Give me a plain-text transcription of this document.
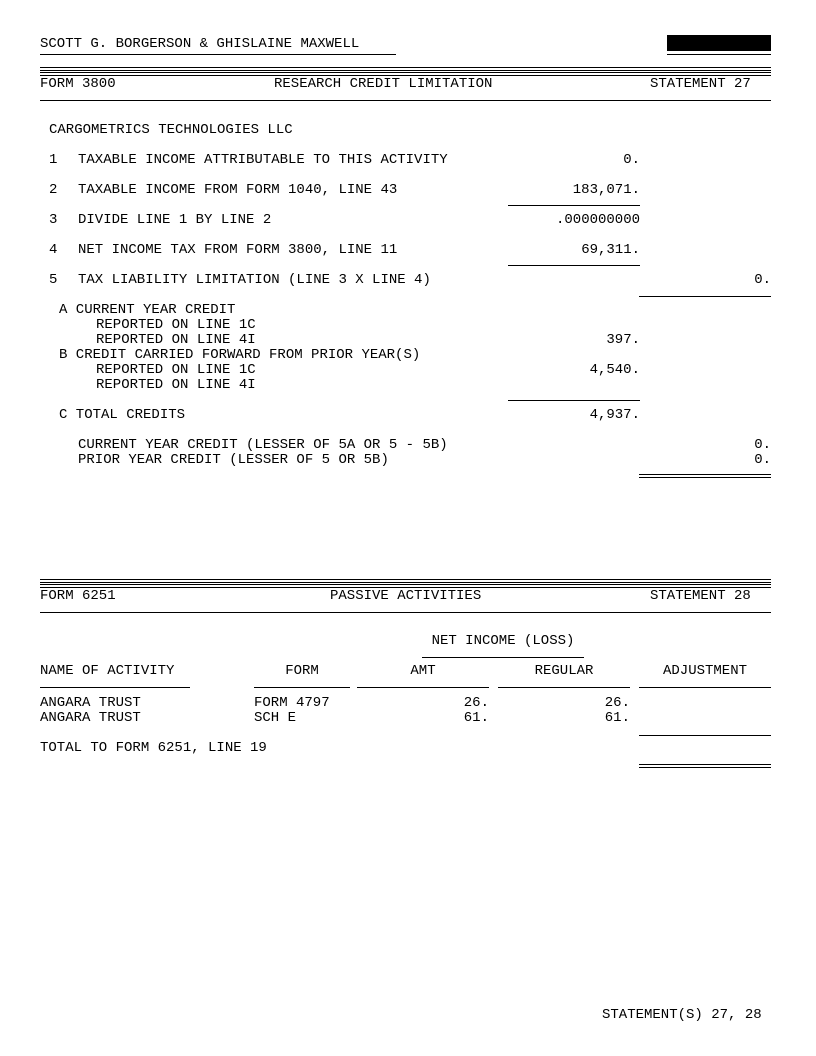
SCOTT G. BORGERSON & GHISLAINE MAXWELL
FORM 3800	RESEARCH CREDIT LIMITATION	STATEMENT 27
CARGOMETRICS TECHNOLOGIES LLC
1 TAXABLE INCOME ATTRIBUTABLE TO THIS ACTIVITY	0.
2 TAXABLE INCOME FROM FORM 1040, LINE 43	183,071.
3 DIVIDE LINE 1 BY LINE 2	.000000000
4 NET INCOME TAX FROM FORM 3800, LINE 11	69,311.
5 TAX LIABILITY LIMITATION (LINE 3 X LINE 4)	0.
A CURRENT YEAR CREDIT
REPORTED ON LINE 1C
REPORTED ON LINE 4I	397.
B CREDIT CARRIED FORWARD FROM PRIOR YEAR(S)
REPORTED ON LINE 1C	4,540.
REPORTED ON LINE 4I
C TOTAL CREDITS	4,937.
CURRENT YEAR CREDIT (LESSER OF 5A OR 5 - 5B)	0.
PRIOR YEAR CREDIT (LESSER OF 5 OR 5B)	0.
FORM 6251	PASSIVE ACTIVITIES	STATEMENT 28
NET INCOME (LOSS)
NAME OF ACTIVITY	FORM	AMT	REGULAR	ADJUSTMENT
ANGARA TRUST	FORM 4797	26.	26.
ANGARA TRUST	SCH E	61.	61.
TOTAL TO FORM 6251, LINE 19
STATEMENT(S) 27, 28
